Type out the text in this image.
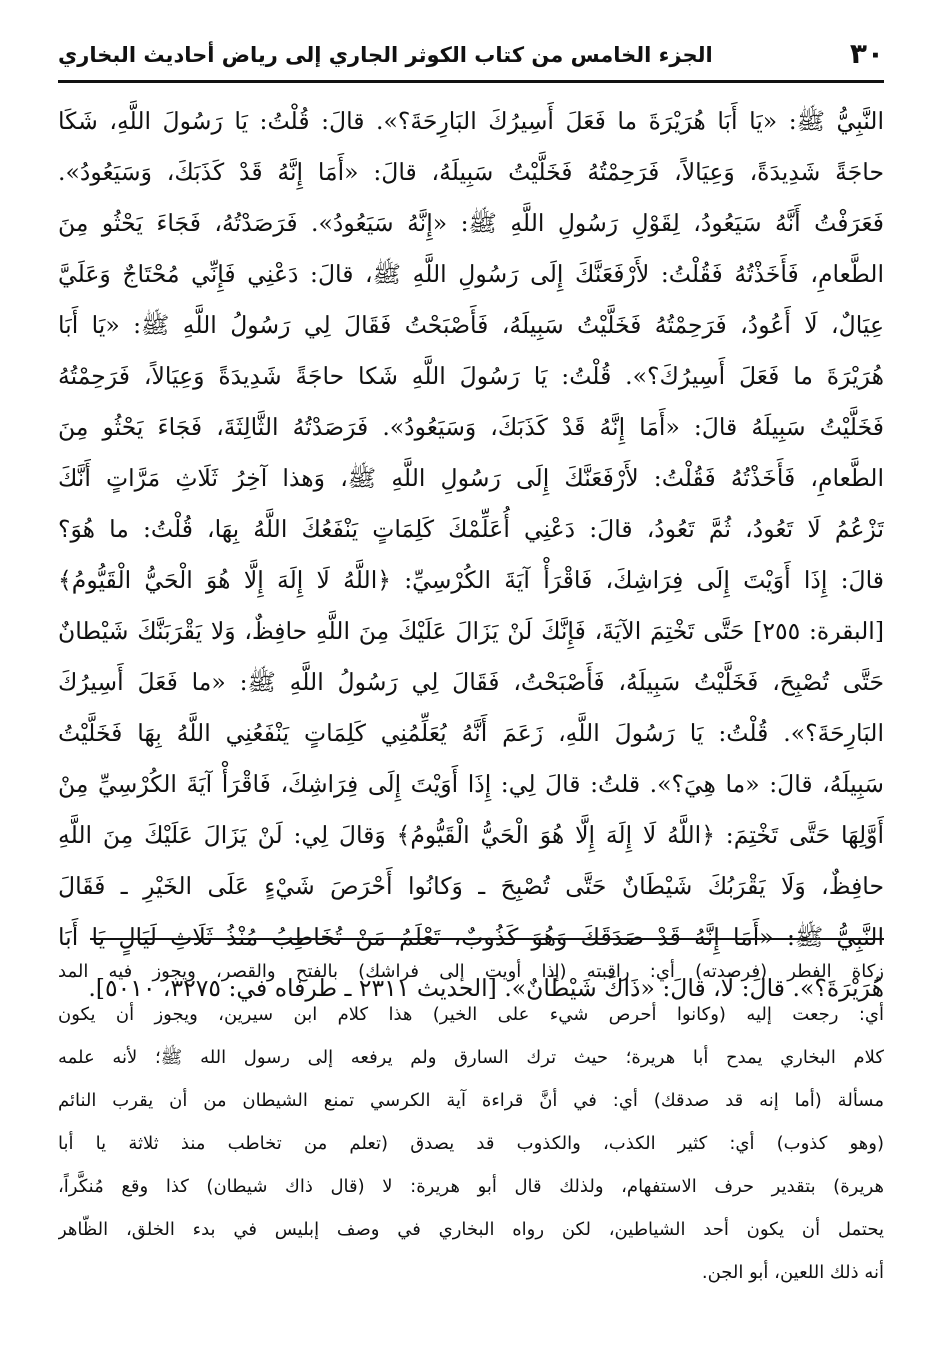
٣٠
الجزء الخامس من كتاب الكوثر الجاري إلى رياض أحاديث البخاري
النَّبِيُّ ﷺ: «يَا أَبَا هُرَيْرَةَ ما فَعَلَ أَسِيرُكَ البَارِحَةَ؟». قالَ: قُلْتُ: يَا رَسُولَ اللَّهِ، شَكَا
حاجَةً شَدِيدَةً، وَعِيَالاً، فَرَحِمْتُهُ فَخَلَّيْتُ سَبِيلَهُ، قالَ: «أَمَا إِنَّهُ قَدْ كَذَبَكَ، وَسَيَعُودُ».
فَعَرَفْتُ أَنَّهُ سَيَعُودُ، لِقَوْلِ رَسُولِ اللَّهِ ﷺ: «إِنَّهُ سَيَعُودُ». فَرَصَدْتُهُ، فَجَاءَ يَحْثُو مِنَ
الطَّعامِ، فَأَخَذْتُهُ فَقُلْتُ: لأَرْفَعَنَّكَ إِلَى رَسُولِ اللَّهِ ﷺ، قالَ: دَعْنِي فَإِنِّي مُحْتَاجٌ وَعَلَيَّ
عِيَالٌ، لَا أَعُودُ، فَرَحِمْتُهُ فَخَلَّيْتُ سَبِيلَهُ، فَأَصْبَحْتُ فَقَالَ لِي رَسُولُ اللَّهِ ﷺ: «يَا أَبَا
هُرَيْرَةَ ما فَعَلَ أَسِيرُكَ؟». قُلْتُ: يَا رَسُولَ اللَّهِ شَكا حاجَةً شَدِيدَةً وَعِيَالاً، فَرَحِمْتُهُ
فَخَلَّيْتُ سَبِيلَهُ قالَ: «أَمَا إِنَّهُ قَدْ كَذَبَكَ، وَسَيَعُودُ». فَرَصَدْتُهُ الثَّالِثَةَ، فَجَاءَ يَحْثُو مِنَ
الطَّعامِ، فَأَخَذْتُهُ فَقُلْتُ: لأَرْفَعَنَّكَ إِلَى رَسُولِ اللَّهِ ﷺ، وَهذا آخِرُ ثَلَاثِ مَرَّاتٍ أَنَّكَ
تَزْعُمُ لَا تَعُودُ، ثُمَّ تَعُودُ، قالَ: دَعْنِي أُعَلِّمْكَ كَلِمَاتٍ يَنْفَعُكَ اللَّهُ بِهَا، قُلْتُ: ما هُوَ؟
قالَ: إِذَا أَوَيْتَ إِلَى فِرَاشِكَ، فَاقْرَأْ آيَةَ الكُرْسِيِّ: ﴿اللَّهُ لَا إِلَهَ إِلَّا هُوَ الْحَيُّ الْقَيُّومُ﴾
[البقرة: ٢٥٥] حَتَّى تَخْتِمَ الآيَةَ، فَإِنَّكَ لَنْ يَزَالَ عَلَيْكَ مِنَ اللَّهِ حافِظٌ، وَلا يَقْرَبَنَّكَ شَيْطانٌ
حَتَّى تُصْبِحَ، فَخَلَّيْتُ سَبِيلَهُ، فَأَصْبَحْتُ، فَقَالَ لِي رَسُولُ اللَّهِ ﷺ: «ما فَعَلَ أَسِيرُكَ
البَارِحَةَ؟». قُلْتُ: يَا رَسُولَ اللَّهِ، زَعَمَ أَنَّهُ يُعَلِّمُنِي كَلِمَاتٍ يَنْفَعُنِي اللَّهُ بِهَا فَخَلَّيْتُ
سَبِيلَهُ، قالَ: «ما هِيَ؟». قلتُ: قالَ لِي: إِذَا أَوَيْتَ إِلَى فِرَاشِكَ، فَاقْرَأْ آيَةَ الكُرْسِيِّ مِنْ
أَوَّلِهَا حَتَّى تَخْتِمَ: ﴿اللَّهُ لَا إِلَهَ إِلَّا هُوَ الْحَيُّ الْقَيُّومُ﴾ وَقالَ لِي: لَنْ يَزَالَ عَلَيْكَ مِنَ اللَّهِ
حافِظٌ، وَلَا يَقْرَبُكَ شَيْطَانٌ حَتَّى تُصْبِحَ ـ وَكانُوا أَحْرَصَ شَيْءٍ عَلَى الخَيْرِ ـ فَقَالَ
النَّبِيُّ ﷺ: «أَمَا إِنَّهُ قَدْ صَدَقَكَ وَهُوَ كَذُوبٌ، تَعْلَمُ مَنْ تُخَاطِبُ مُنْذُ ثَلَاثِ لَيَالٍ يَا أَبَا
هُرَيْرَةَ؟». قالَ: لَا، قالَ: «ذَاكَ شَيْطَانٌ». [الحديث ٢٣١١ ـ طرفاه في: ٣٢٧٥، ٥٠١٠].
زكاة الفطر (فرصدته) أي: راقبته (إذا أويت إلى فراشك) بالفتح والقصر، ويجوز فيه المد
أي: رجعت إليه (وكانوا أحرص شيء على الخير) هذا كلام ابن سيرين، ويجوز أن يكون
كلام البخاري يمدح أبا هريرة؛ حيث ترك السارق ولم يرفعه إلى رسول الله ﷺ؛ لأنه علمه
مسألة (أما إنه قد صدقك) أي: في أنَّ قراءة آية الكرسي تمنع الشيطان من أن يقرب النائم
(وهو كذوب) أي: كثير الكذب، والكذوب قد يصدق (تعلم من تخاطب منذ ثلاثة يا أبا
هريرة) بتقدير حرف الاستفهام، ولذلك قال أبو هريرة: لا (قال ذاك شيطان) كذا وقع مُنكَّراً،
يحتمل أن يكون أحد الشياطين، لكن رواه البخاري في وصف إبليس في بدء الخلق، الظّاهر
أنه ذلك اللعين، أبو الجن.
